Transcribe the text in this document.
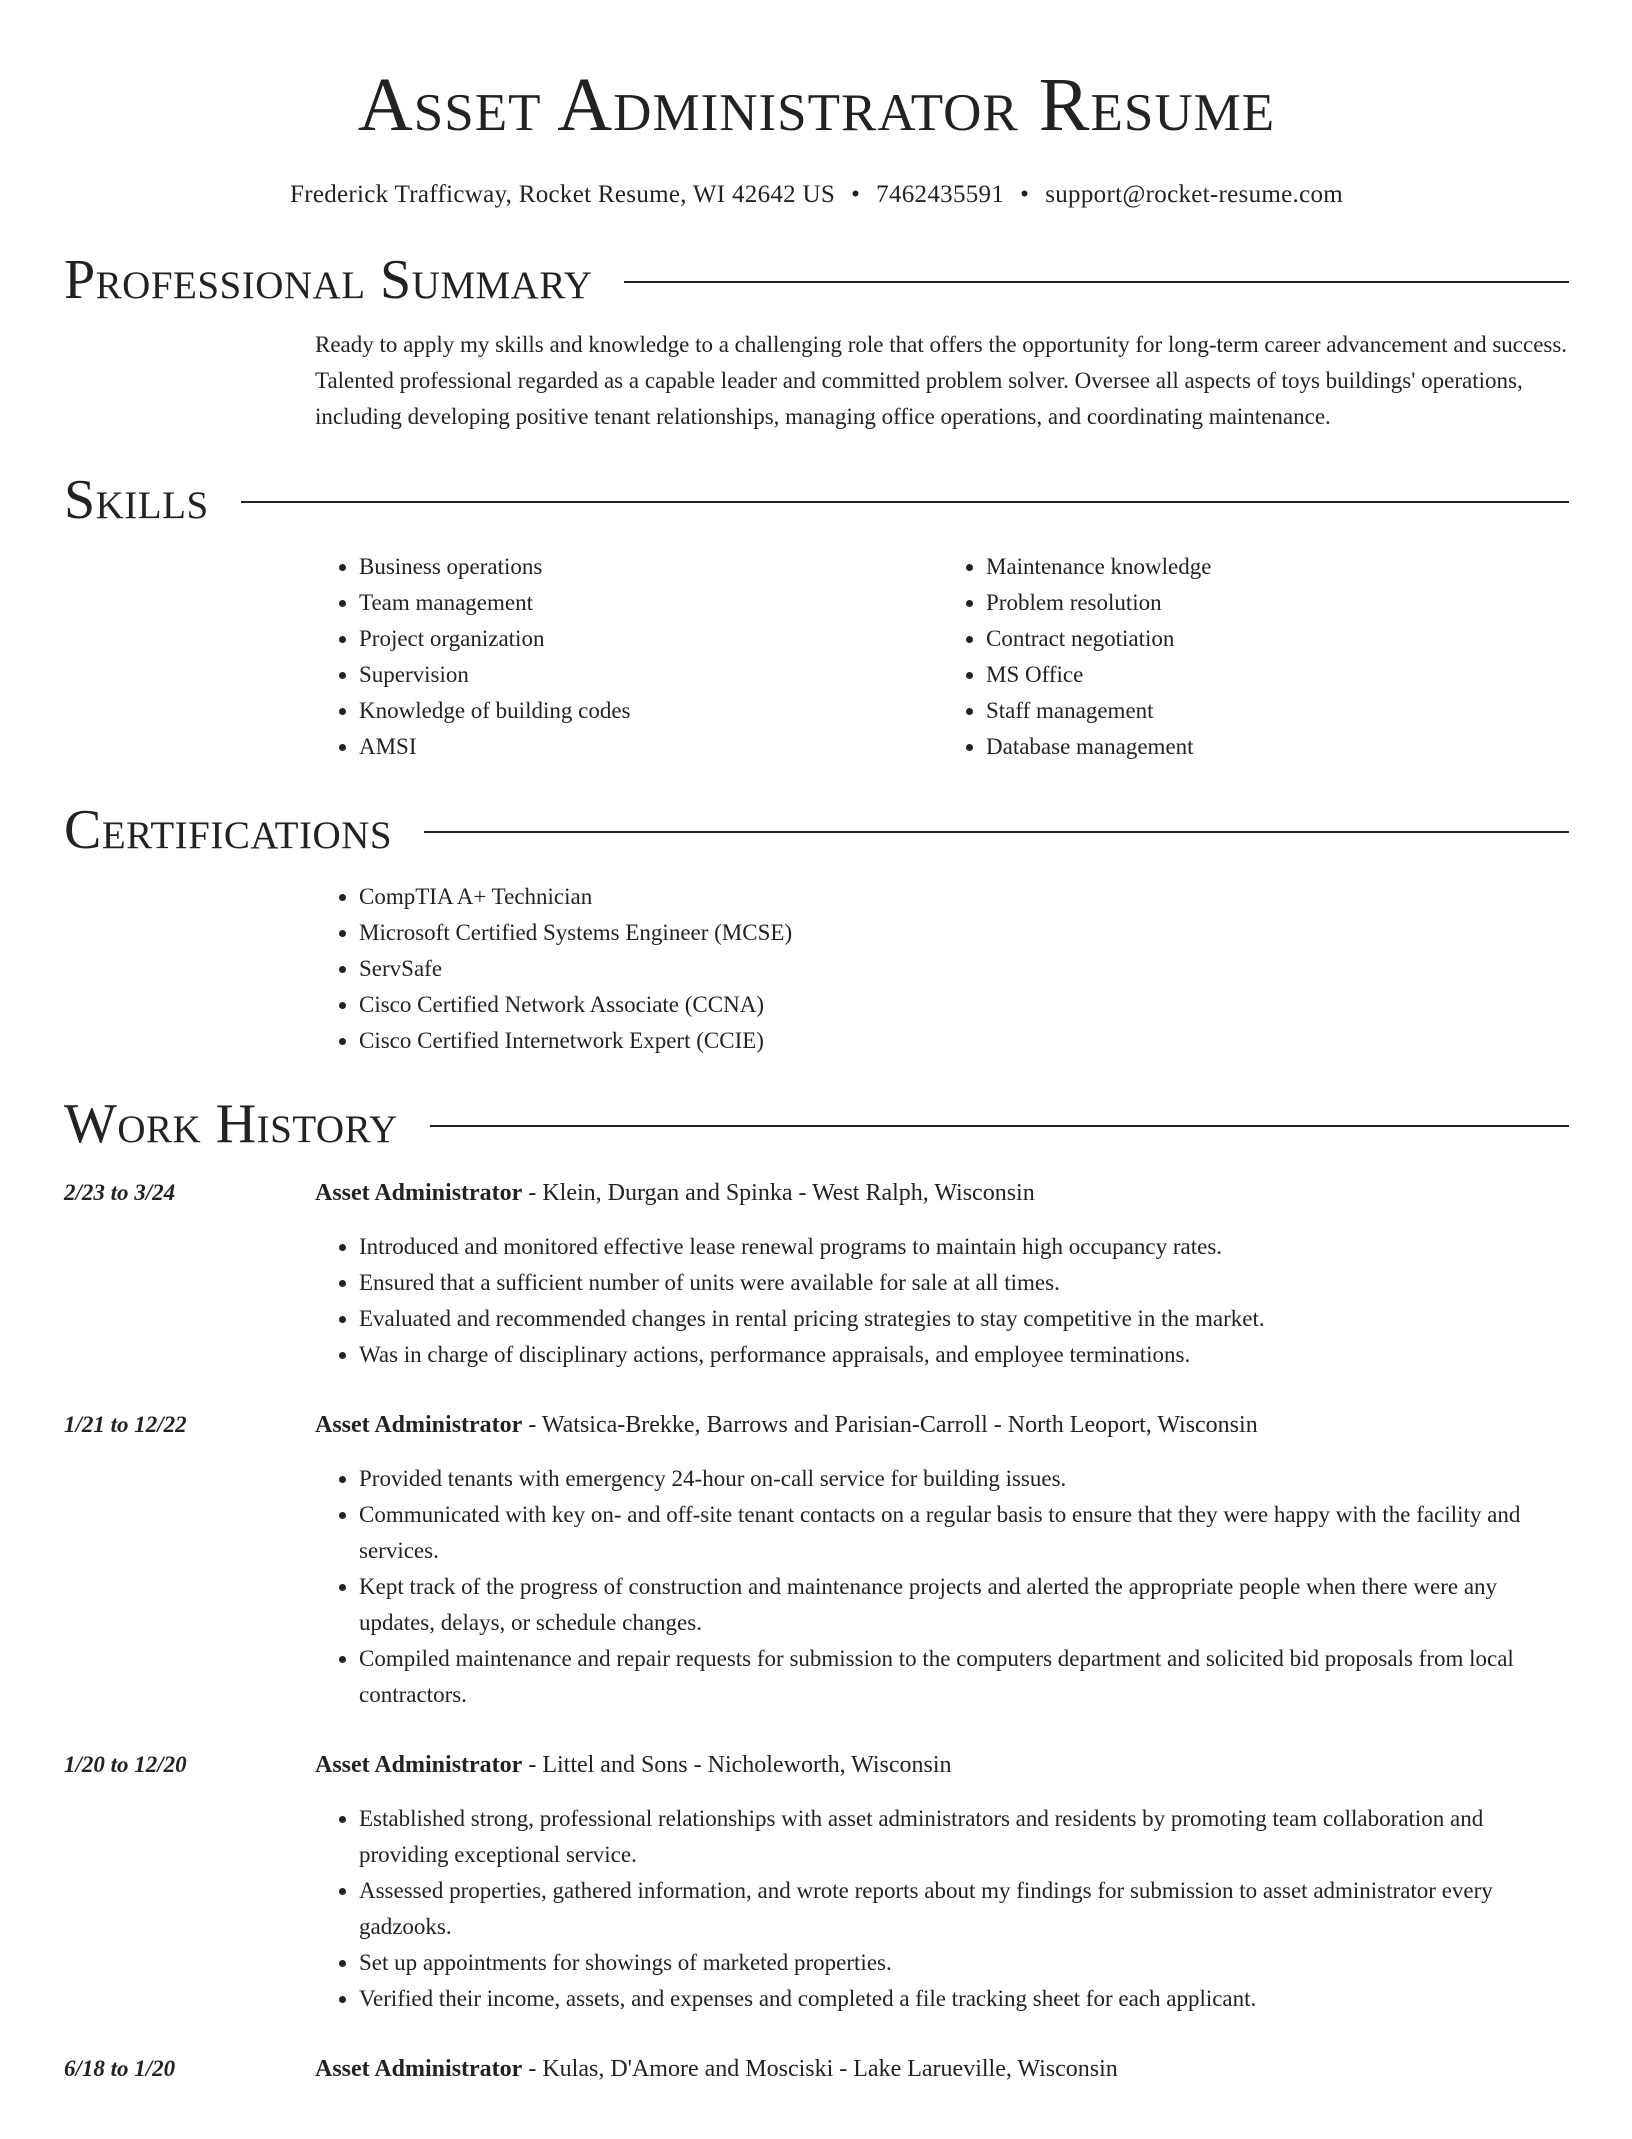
Asset Administrator Resume
Frederick Trafficway, Rocket Resume, WI 42642 US • 7462435591 • support@rocket-resume.com
Professional Summary

Ready to apply my skills and knowledge to a challenging role that offers the opportunity for long-term career advancement and success. Talented professional regarded as a capable leader and committed problem solver. Oversee all aspects of toys buildings' operations, including developing positive tenant relationships, managing office operations, and coordinating maintenance.

Skills
• Business operations
• Team management
• Project organization
• Supervision
• Knowledge of building codes
• AMSI
• Maintenance knowledge
• Problem resolution
• Contract negotiation
• MS Office
• Staff management
• Database management
Certifications
• CompTIA A+ Technician
• Microsoft Certified Systems Engineer (MCSE)
• ServSafe
• Cisco Certified Network Associate (CCNA)
• Cisco Certified Internetwork Expert (CCIE)
Work History
2/23 to 3/24	Asset Administrator - Klein, Durgan and Spinka - West Ralph, Wisconsin
• Introduced and monitored effective lease renewal programs to maintain high occupancy rates.
• Ensured that a sufficient number of units were available for sale at all times.
• Evaluated and recommended changes in rental pricing strategies to stay competitive in the market.
• Was in charge of disciplinary actions, performance appraisals, and employee terminations.
1/21 to 12/22	Asset Administrator - Watsica-Brekke, Barrows and Parisian-Carroll - North Leoport, Wisconsin
• Provided tenants with emergency 24-hour on-call service for building issues.
• Communicated with key on- and off-site tenant contacts on a regular basis to ensure that they were happy with the facility and services.
• Kept track of the progress of construction and maintenance projects and alerted the appropriate people when there were any updates, delays, or schedule changes.
• Compiled maintenance and repair requests for submission to the computers department and solicited bid proposals from local contractors.
1/20 to 12/20	Asset Administrator - Littel and Sons - Nicholeworth, Wisconsin
• Established strong, professional relationships with asset administrators and residents by promoting team collaboration and providing exceptional service.
• Assessed properties, gathered information, and wrote reports about my findings for submission to asset administrator every gadzooks.
• Set up appointments for showings of marketed properties.
• Verified their income, assets, and expenses and completed a file tracking sheet for each applicant.
6/18 to 1/20	Asset Administrator - Kulas, D'Amore and Mosciski - Lake Larueville, Wisconsin
